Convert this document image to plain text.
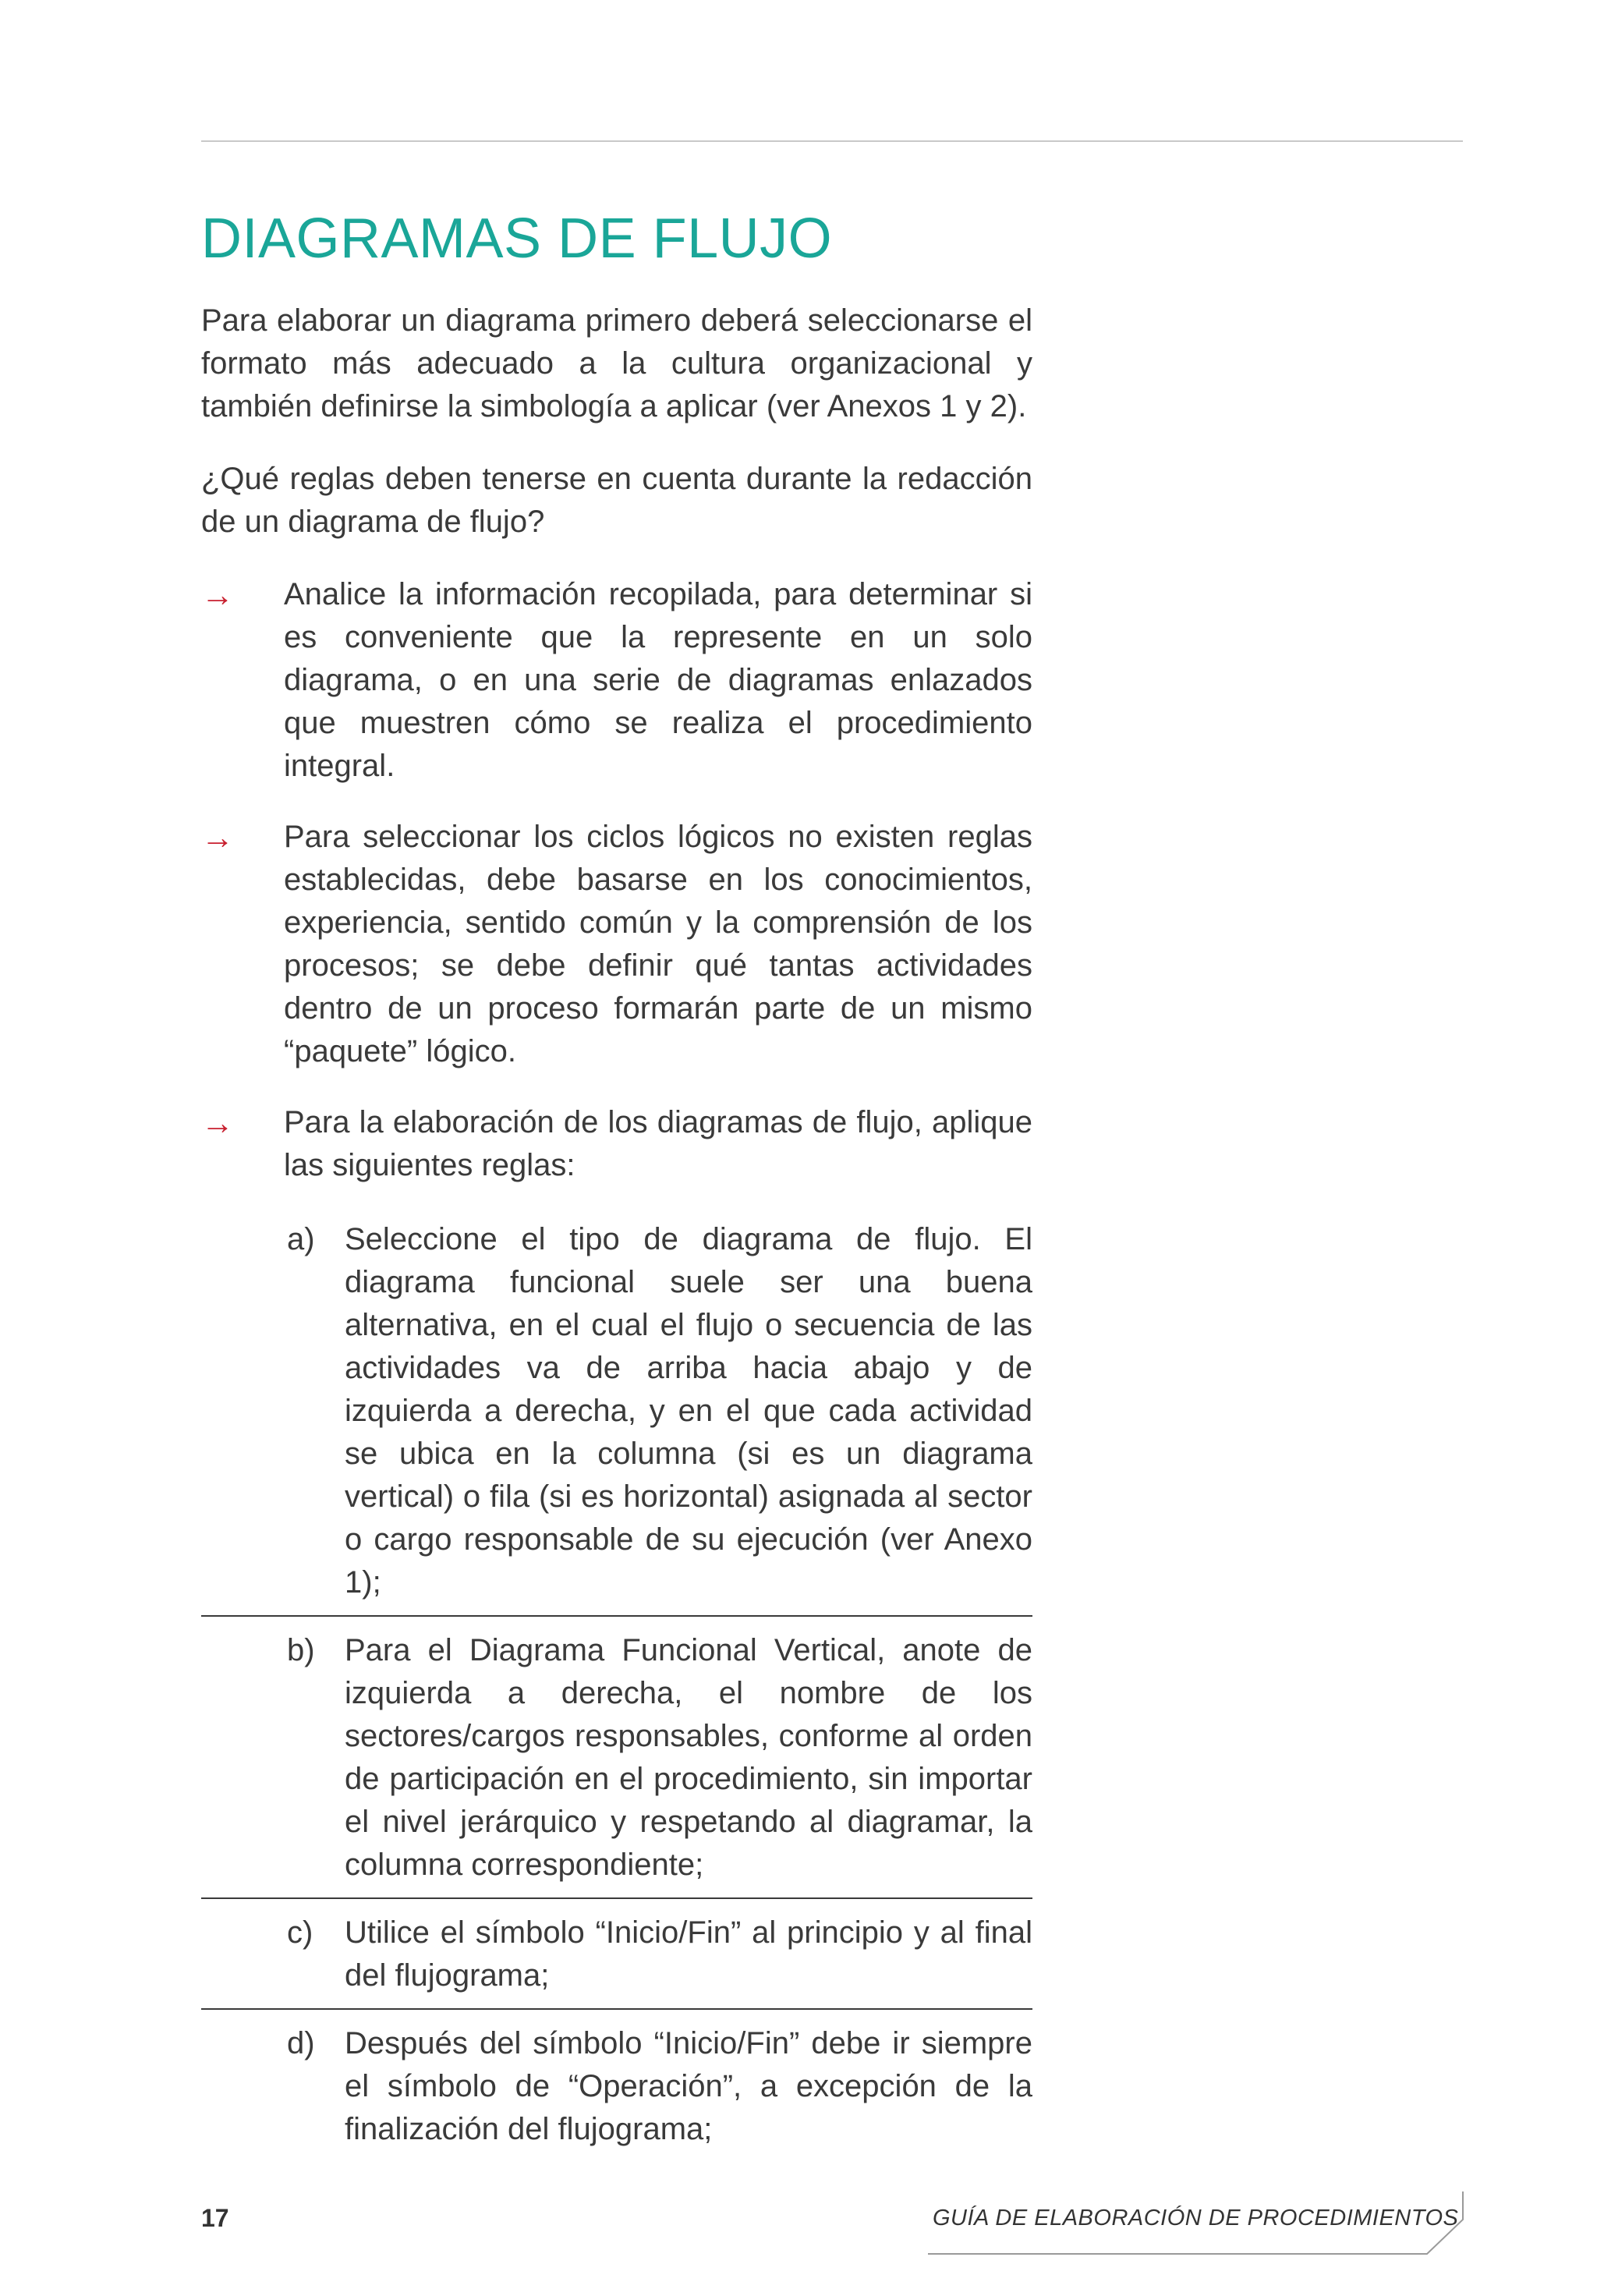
DIAGRAMAS DE FLUJO

Para elaborar un diagrama primero deberá seleccionarse el formato más adecuado a la cultura organizacional y también definirse la simbología a aplicar (ver Anexos 1 y 2).

¿Qué reglas deben tenerse en cuenta durante la redacción de un diagrama de flujo?

→ Analice la información recopilada, para determinar si es conveniente que la represente en un solo diagrama, o en una serie de diagramas enlazados que muestren cómo se realiza el procedimiento integral.
→ Para seleccionar los ciclos lógicos no existen reglas establecidas, debe basarse en los conocimientos, experiencia, sentido común y la comprensión de los procesos; se debe definir qué tantas actividades dentro de un proceso formarán parte de un mismo “paquete” lógico.
→ Para la elaboración de los diagramas de flujo, aplique las siguientes reglas:
a) Seleccione el tipo de diagrama de flujo. El diagrama funcional suele ser una buena alternativa, en el cual el flujo o secuencia de las actividades va de arriba hacia abajo y de izquierda a derecha, y en el que cada actividad se ubica en la columna (si es un diagrama vertical) o fila (si es horizontal) asignada al sector o cargo responsable de su ejecución (ver Anexo 1);
b) Para el Diagrama Funcional Vertical, anote de izquierda a derecha, el nombre de los sectores/cargos responsables, conforme al orden de participación en el procedimiento, sin importar el nivel jerárquico y respetando al diagramar, la columna correspondiente;
c) Utilice el símbolo “Inicio/Fin” al principio y al final del flujograma;
d) Después del símbolo “Inicio/Fin” debe ir siempre el símbolo de “Operación”, a excepción de la finalización del flujograma;
17	GUÍA DE ELABORACIÓN DE PROCEDIMIENTOS
